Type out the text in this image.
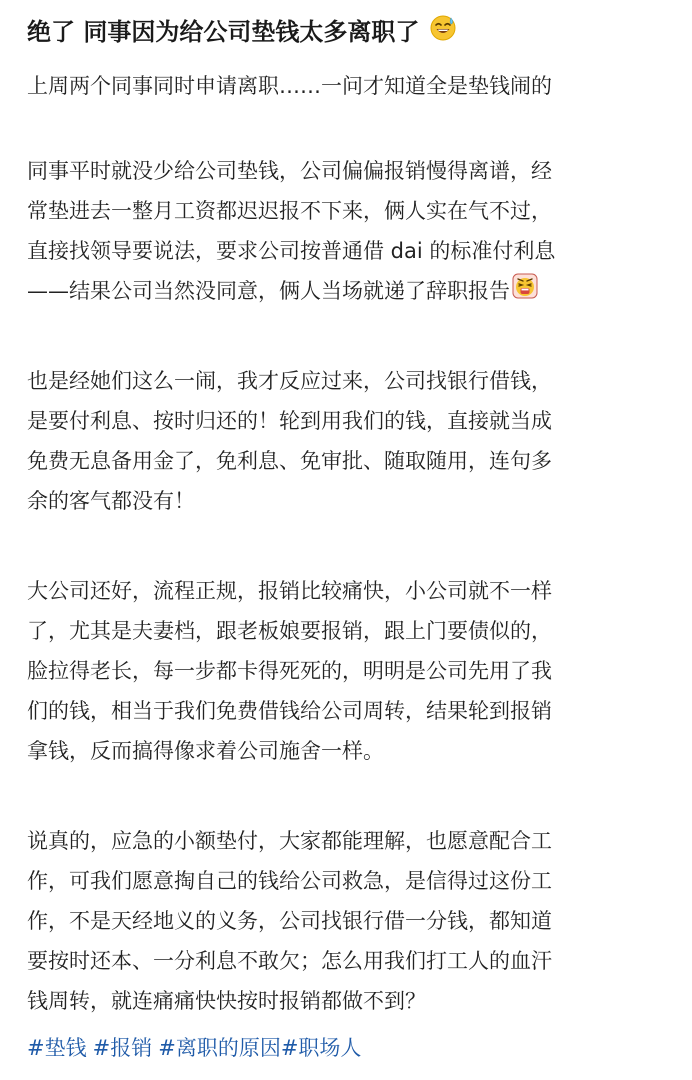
绝了 同事因为给公司垫钱太多离职了
上周两个同事同时申请离职……一问才知道全是垫钱闹的
同事平时就没少给公司垫钱，公司偏偏报销慢得离谱，经
常垫进去一整月工资都迟迟报不下来，俩人实在气不过，
直接找领导要说法，要求公司按普通借 dai 的标准付利息
——结果公司当然没同意，俩人当场就递了辞职报告
也是经她们这么一闹，我才反应过来，公司找银行借钱，
是要付利息、按时归还的！轮到用我们的钱，直接就当成
免费无息备用金了，免利息、免审批、随取随用，连句多
余的客气都没有！
大公司还好，流程正规，报销比较痛快，小公司就不一样
了，尤其是夫妻档，跟老板娘要报销，跟上门要债似的，
脸拉得老长，每一步都卡得死死的，明明是公司先用了我
们的钱，相当于我们免费借钱给公司周转，结果轮到报销
拿钱，反而搞得像求着公司施舍一样。
说真的，应急的小额垫付，大家都能理解，也愿意配合工
作，可我们愿意掏自己的钱给公司救急，是信得过这份工
作，不是天经地义的义务，公司找银行借一分钱，都知道
要按时还本、一分利息不敢欠；怎么用我们打工人的血汗
钱周转，就连痛痛快快按时报销都做不到？
#垫钱 #报销 #离职的原因#职场人
